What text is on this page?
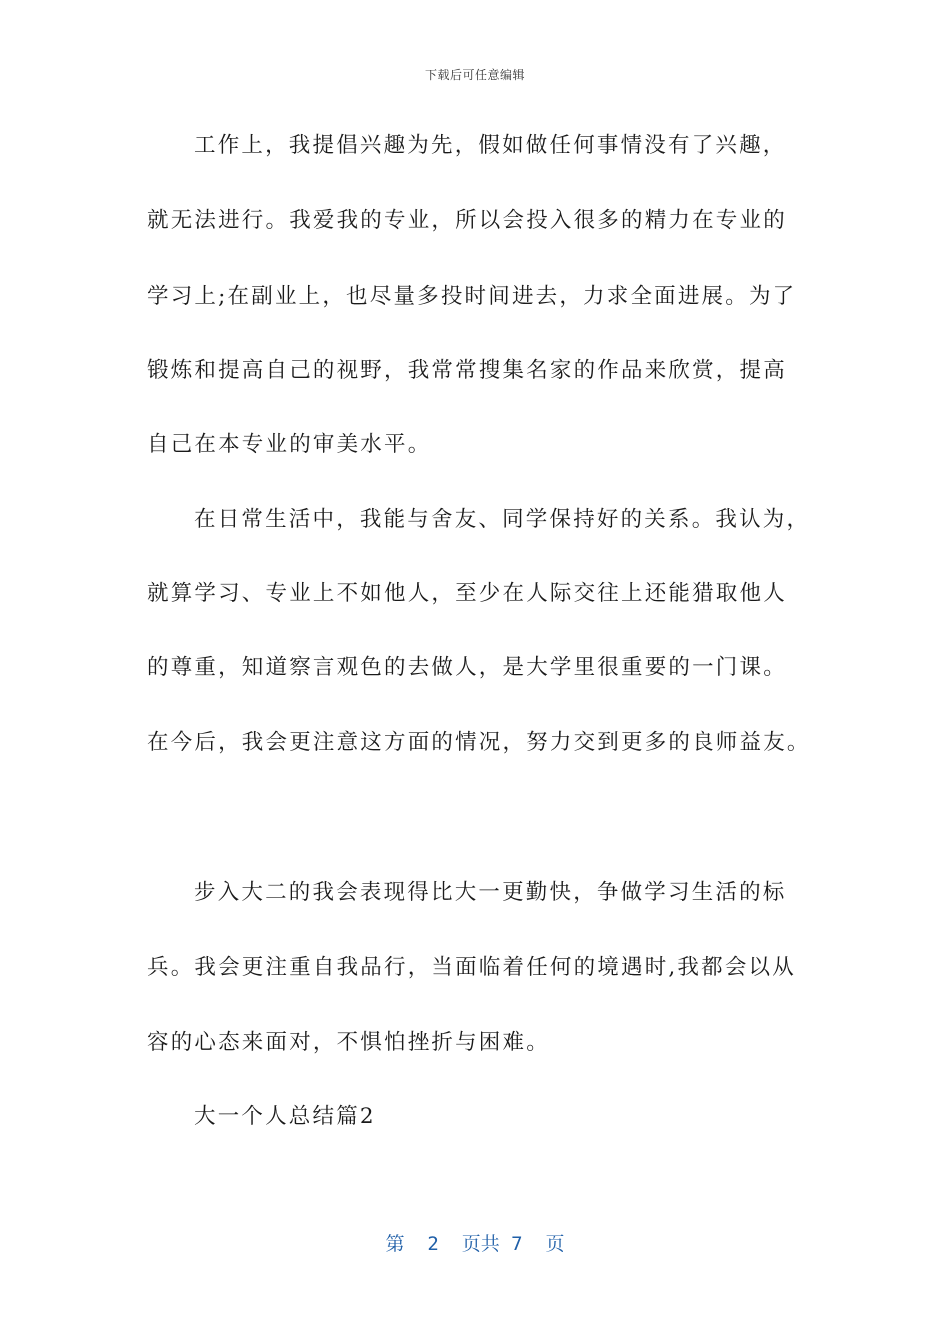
下载后可任意编辑
工作上，我提倡兴趣为先，假如做任何事情没有了兴趣，
就无法进行。我爱我的专业，所以会投入很多的精力在专业的
学习上;在副业上，也尽量多投时间进去，力求全面进展。为了
锻炼和提高自己的视野，我常常搜集名家的作品来欣赏，提高
自己在本专业的审美水平。
在日常生活中，我能与舍友、同学保持好的关系。我认为，
就算学习、专业上不如他人，至少在人际交往上还能猎取他人
的尊重，知道察言观色的去做人，是大学里很重要的一门课。
在今后，我会更注意这方面的情况，努力交到更多的良师益友。
步入大二的我会表现得比大一更勤快，争做学习生活的标
兵。我会更注重自我品行，当面临着任何的境遇时,我都会以从
容的心态来面对，不惧怕挫折与困难。
大一个人总结篇2
第  2  页共 7  页
